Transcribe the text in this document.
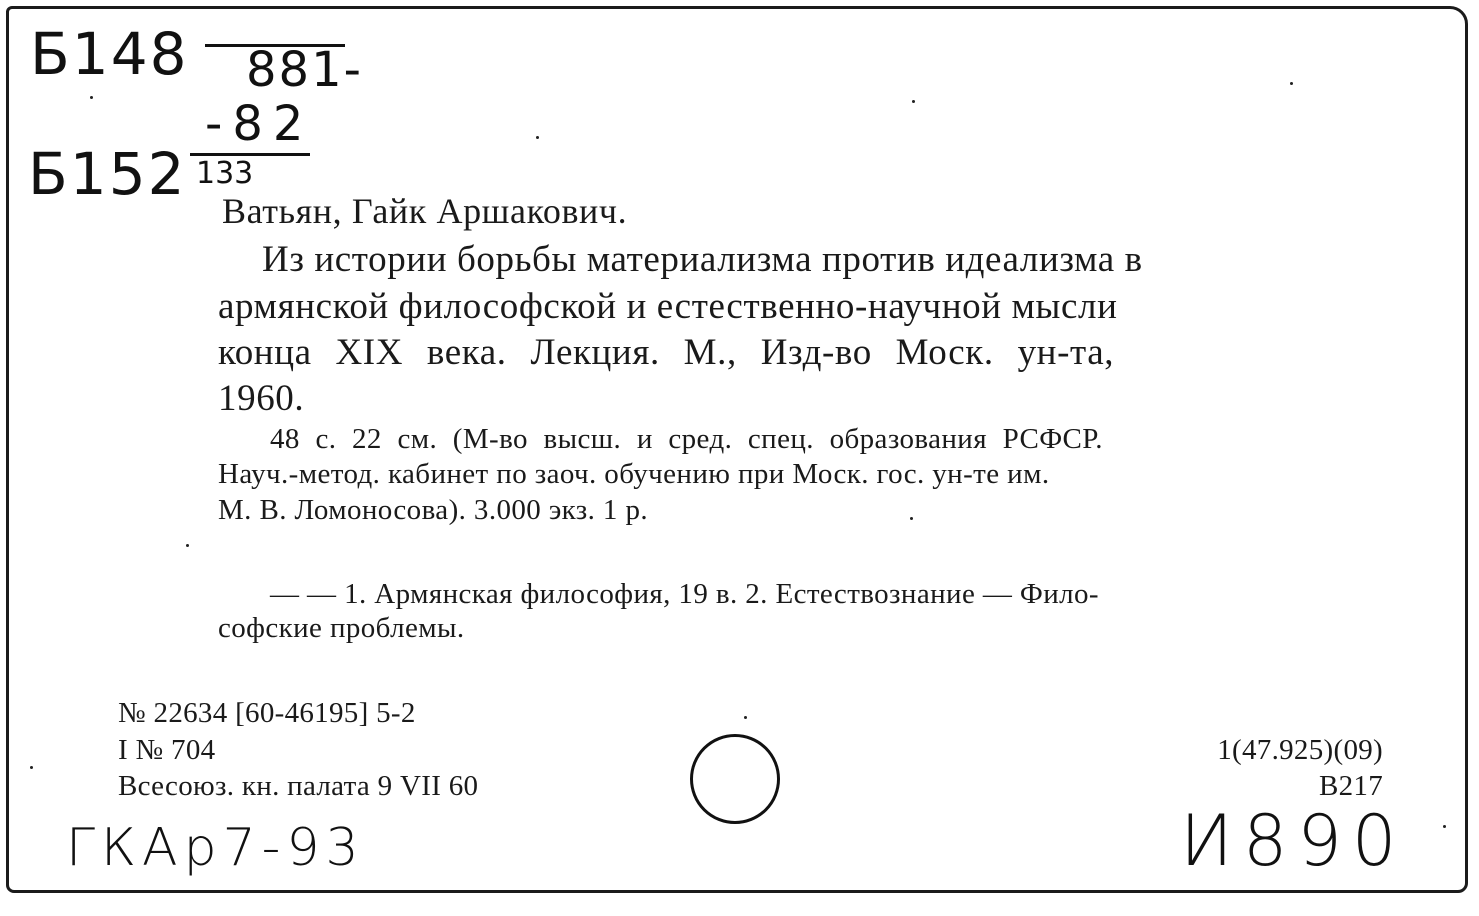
Б148 881-
-82
Б152 133
Ватьян, Гайк Аршакович.
Из истории борьбы материализма против идеализма в
армянской философской и естественно-научной мысли
конца XIX века. Лекция. М., Изд-во Моск. ун-та,
1960.
48 с. 22 см. (М-во высш. и сред. спец. образования РСФСР.
Науч.-метод. кабинет по заоч. обучению при Моск. гос. ун-те им.
М. В. Ломоносова). 3.000 экз. 1 р.
— — 1. Армянская философия, 19 в. 2. Естествознание — Фило-
софские проблемы.
№ 22634 [60-46195] 5-2
I № 704
Всесоюз. кн. палата 9 VII 60
1(47.925)(09)
В217
ГКАр7-93	И890
